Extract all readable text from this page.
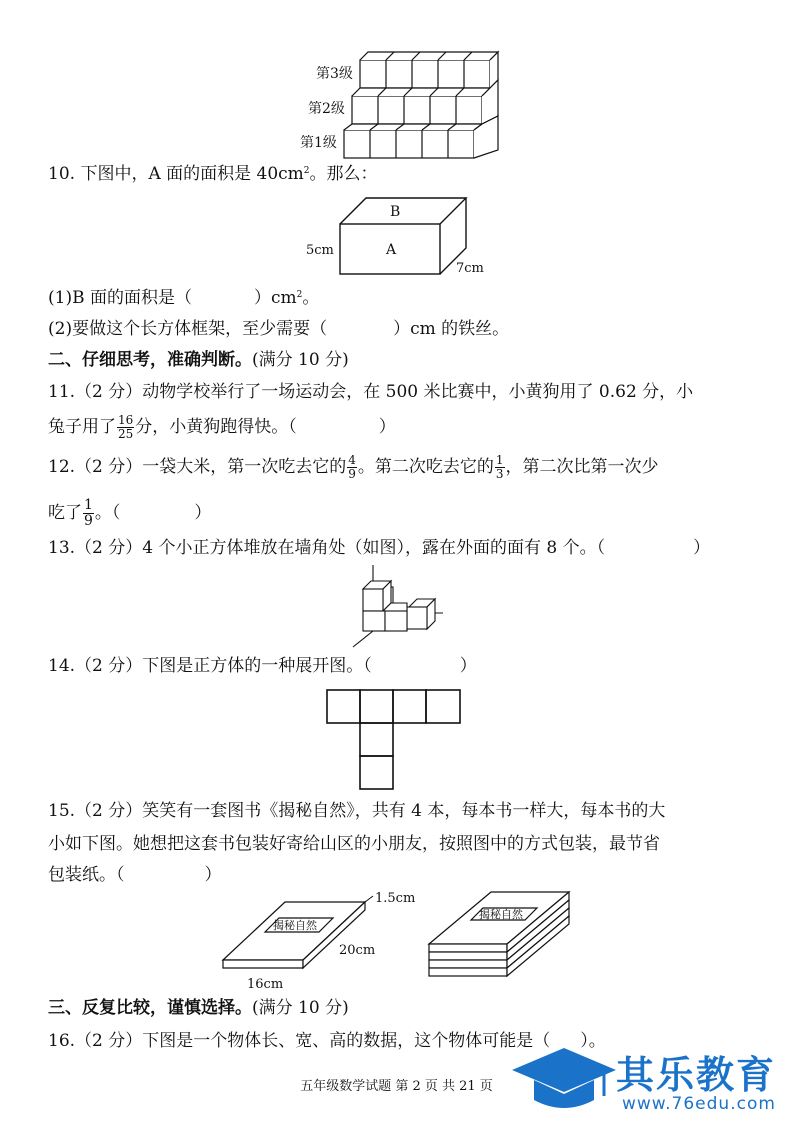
第3级
第2级
第1级
10. 下图中，A 面的面积是 $40cm^2$。那么：
B
A
5cm
7cm
(1)B 面的面积是（	）$cm^2$。
(2)要做这个长方体框架，至少需要（	）cm 的铁丝。
二、仔细思考，准确判断。(满分 10 分)
11.（2 分）动物学校举行了一场运动会，在 500 米比赛中，小黄狗用了 0.62 分，小
兔子用了 $\frac{16}{25}$ 分，小黄狗跑得快。（	）
12.（2 分）一袋大米，第一次吃去它的 $\frac{4}{9}$ 。第二次吃去它的 $\frac{1}{3}$ ，第二次比第一次少
吃了 $\frac{1}{9}$ 。（	）
13.（2 分）4 个小正方体堆放在墙角处（如图），露在外面的面有 8 个。（	）
14.（2 分）下图是正方体的一种展开图。（	）
15.（2 分）笑笑有一套图书《揭秘自然》，共有 4 本，每本书一样大，每本书的大
小如下图。她想把这套书包装好寄给山区的小朋友，按照图中的方式包装，最节省
包装纸。（	）
1.5cm
20cm
16cm
揭秘自然
揭秘自然
三、反复比较，谨慎选择。(满分 10 分)
16.（2 分）下图是一个物体长、宽、高的数据，这个物体可能是（ ）。
五年级数学试题 第 2 页 共 21 页	其乐教育
www.76edu.com
